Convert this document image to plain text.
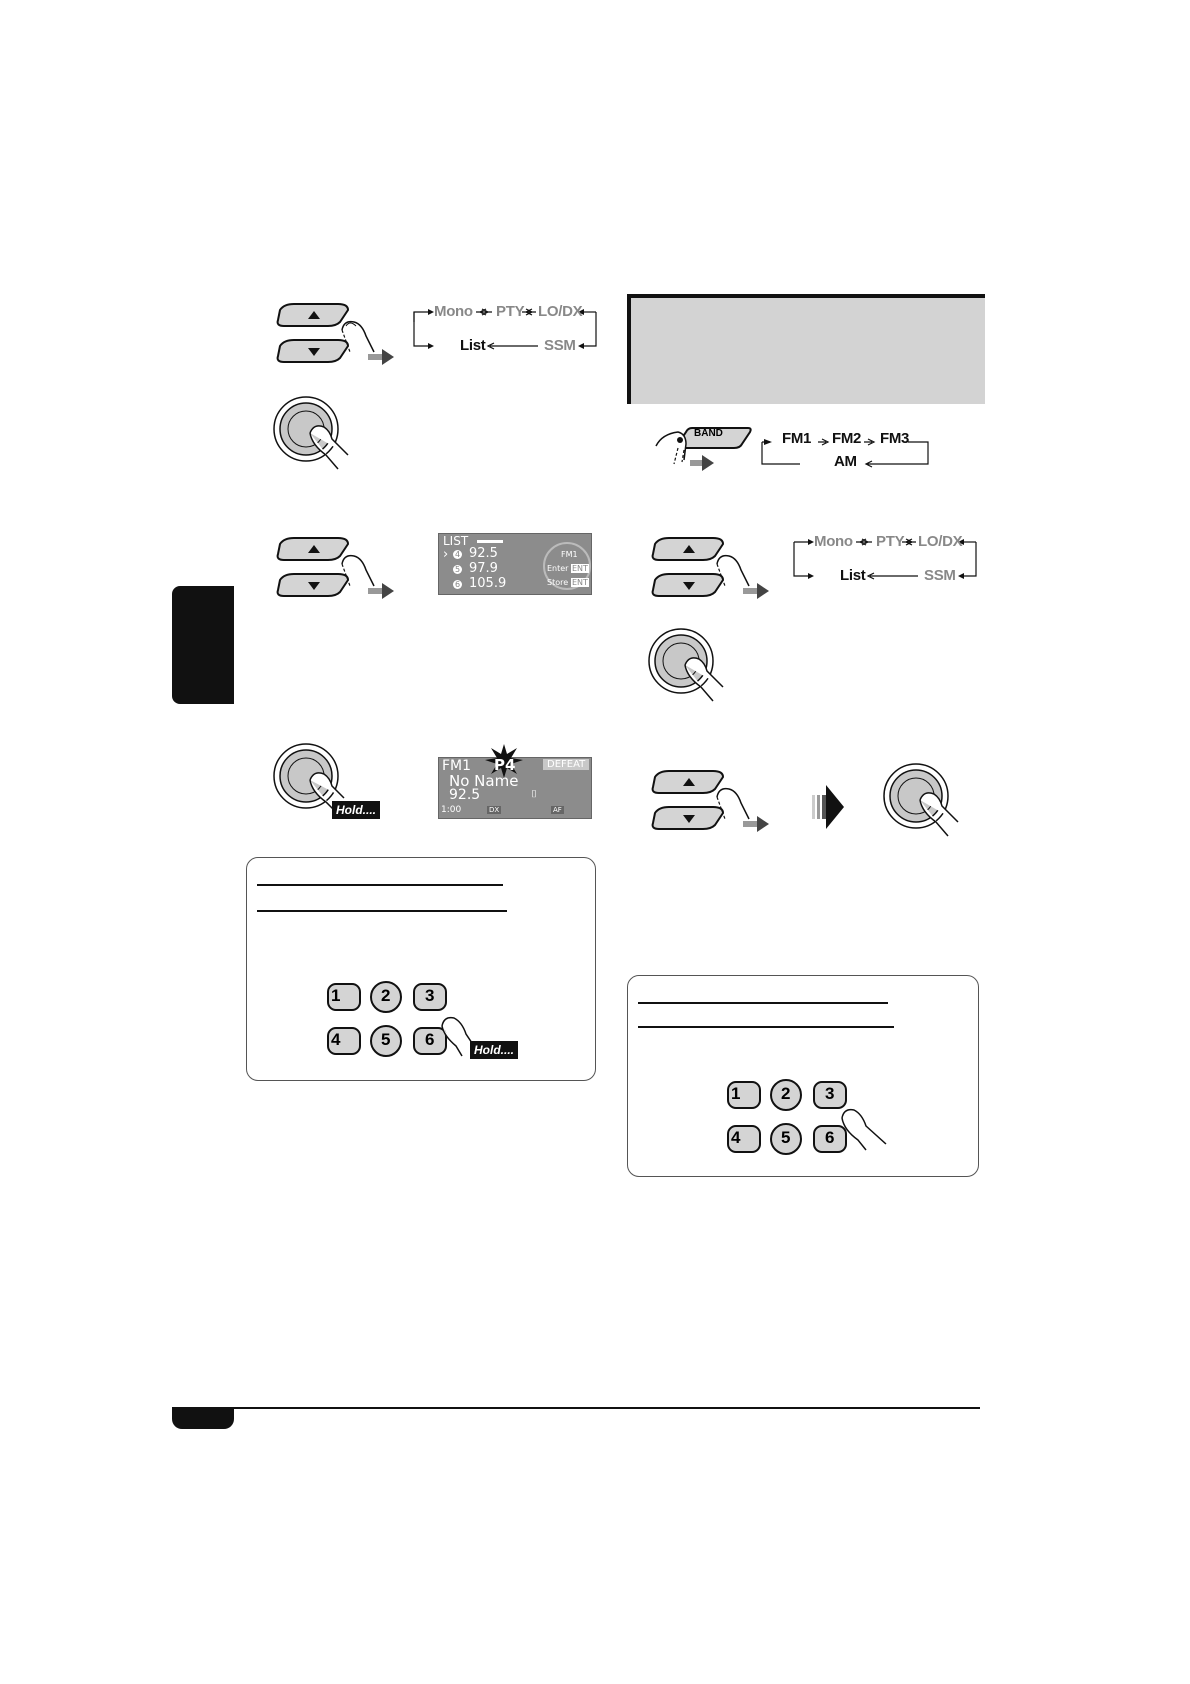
Mono PTY LO/DX
List	SSM
LIST
› 4 92.5
5 97.9
6 105.9
FM1
Enter ENT
Store ENT
Hold....
FM1 P4	DEFEAT
No Name
92.5	⌷
1:00	DX	AF
1 2 3
4 5 6
Hold....
BAND	FM1 FM2 FM3
AM
Mono PTY LO/DX
List	SSM
1 2 3
4 5 6
